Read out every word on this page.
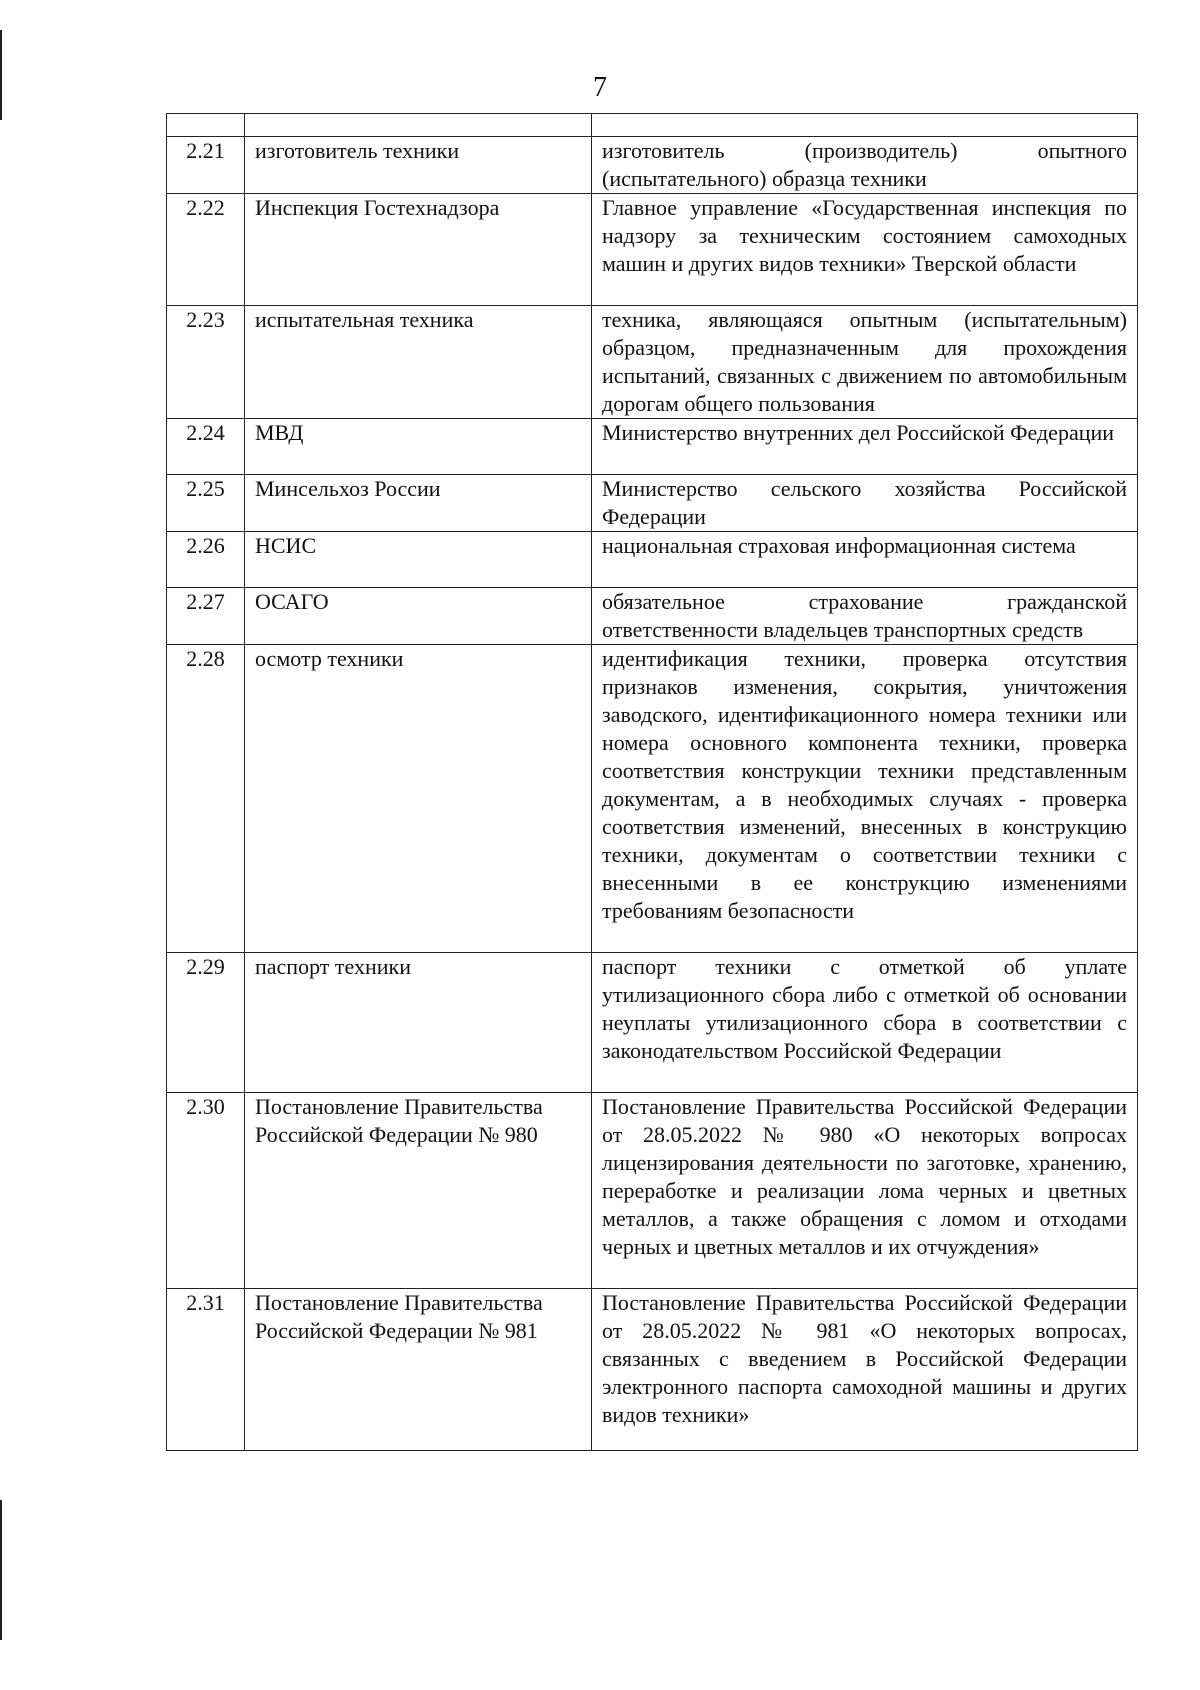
7

2.21	изготовитель техники	изготовитель (производитель) опытного (испытательного) образца техники
2.22	Инспекция Гостехнадзора	Главное управление «Государственная инспекция по надзору за техническим состоянием самоходных машин и других видов техники» Тверской области
2.23	испытательная техника	техника, являющаяся опытным (испытательным) образцом, предназначенным для прохождения испытаний, связанных с движением по автомобильным дорогам общего пользования
2.24	МВД	Министерство внутренних дел Российской Федерации
2.25	Минсельхоз России	Министерство сельского хозяйства Российской Федерации
2.26	НСИС	национальная страховая информационная система
2.27	ОСАГО	обязательное страхование гражданской ответственности владельцев транспортных средств
2.28	осмотр техники	идентификация техники, проверка отсутствия признаков изменения, сокрытия, уничтожения заводского, идентификационного номера техники или номера основного компонента техники, проверка соответствия конструкции техники представленным документам, а в необходимых случаях - проверка соответствия изменений, внесенных в конструкцию техники, документам о соответствии техники с внесенными в ее конструкцию изменениями требованиям безопасности
2.29	паспорт техники	паспорт техники с отметкой об уплате утилизационного сбора либо с отметкой об основании неуплаты утилизационного сбора в соответствии с законодательством Российской Федерации
2.30	Постановление Правительства Российской Федерации № 980	Постановление Правительства Российской Федерации от 28.05.2022 № 980 «О некоторых вопросах лицензирования деятельности по заготовке, хранению, переработке и реализации лома черных и цветных металлов, а также обращения с ломом и отходами черных и цветных металлов и их отчуждения»
2.31	Постановление Правительства Российской Федерации № 981	Постановление Правительства Российской Федерации от 28.05.2022 № 981 «О некоторых вопросах, связанных с введением в Российской Федерации электронного паспорта самоходной машины и других видов техники»
